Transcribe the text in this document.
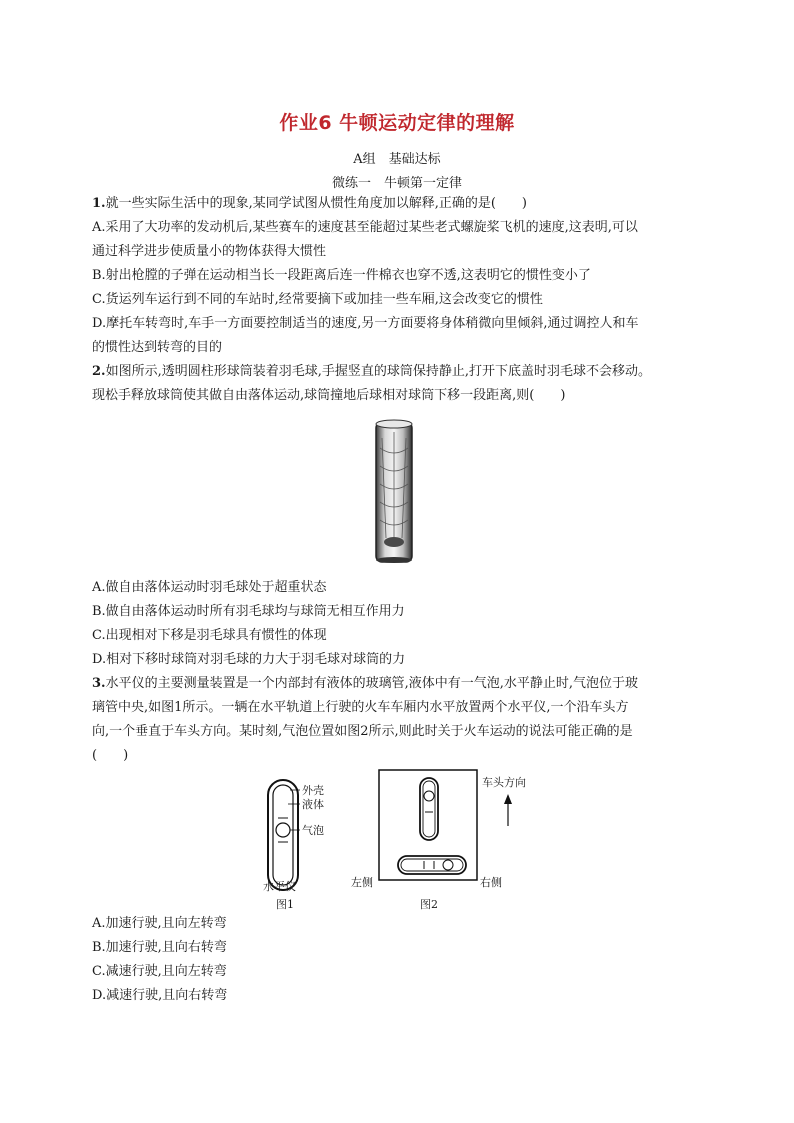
作业6 牛顿运动定律的理解
A组　基础达标
微练一　牛顿第一定律
1.就一些实际生活中的现象,某同学试图从惯性角度加以解释,正确的是(　　)
A.采用了大功率的发动机后,某些赛车的速度甚至能超过某些老式螺旋桨飞机的速度,这表明,可以
通过科学进步使质量小的物体获得大惯性
B.射出枪膛的子弹在运动相当长一段距离后连一件棉衣也穿不透,这表明它的惯性变小了
C.货运列车运行到不同的车站时,经常要摘下或加挂一些车厢,这会改变它的惯性
D.摩托车转弯时,车手一方面要控制适当的速度,另一方面要将身体稍微向里倾斜,通过调控人和车
的惯性达到转弯的目的
2.如图所示,透明圆柱形球筒装着羽毛球,手握竖直的球筒保持静止,打开下底盖时羽毛球不会移动。
现松手释放球筒使其做自由落体运动,球筒撞地后球相对球筒下移一段距离,则(　　)
A.做自由落体运动时羽毛球处于超重状态
B.做自由落体运动时所有羽毛球均与球筒无相互作用力
C.出现相对下移是羽毛球具有惯性的体现
D.相对下移时球筒对羽毛球的力大于羽毛球对球筒的力
3.水平仪的主要测量装置是一个内部封有液体的玻璃管,液体中有一气泡,水平静止时,气泡位于玻
璃管中央,如图1所示。一辆在水平轨道上行驶的火车车厢内水平放置两个水平仪,一个沿车头方
向,一个垂直于车头方向。某时刻,气泡位置如图2所示,则此时关于火车运动的说法可能正确的是
(　　)
外壳
液体
气泡
水平仪
图1
左侧	右侧
图2
车头方向
A.加速行驶,且向左转弯
B.加速行驶,且向右转弯
C.减速行驶,且向左转弯
D.减速行驶,且向右转弯
